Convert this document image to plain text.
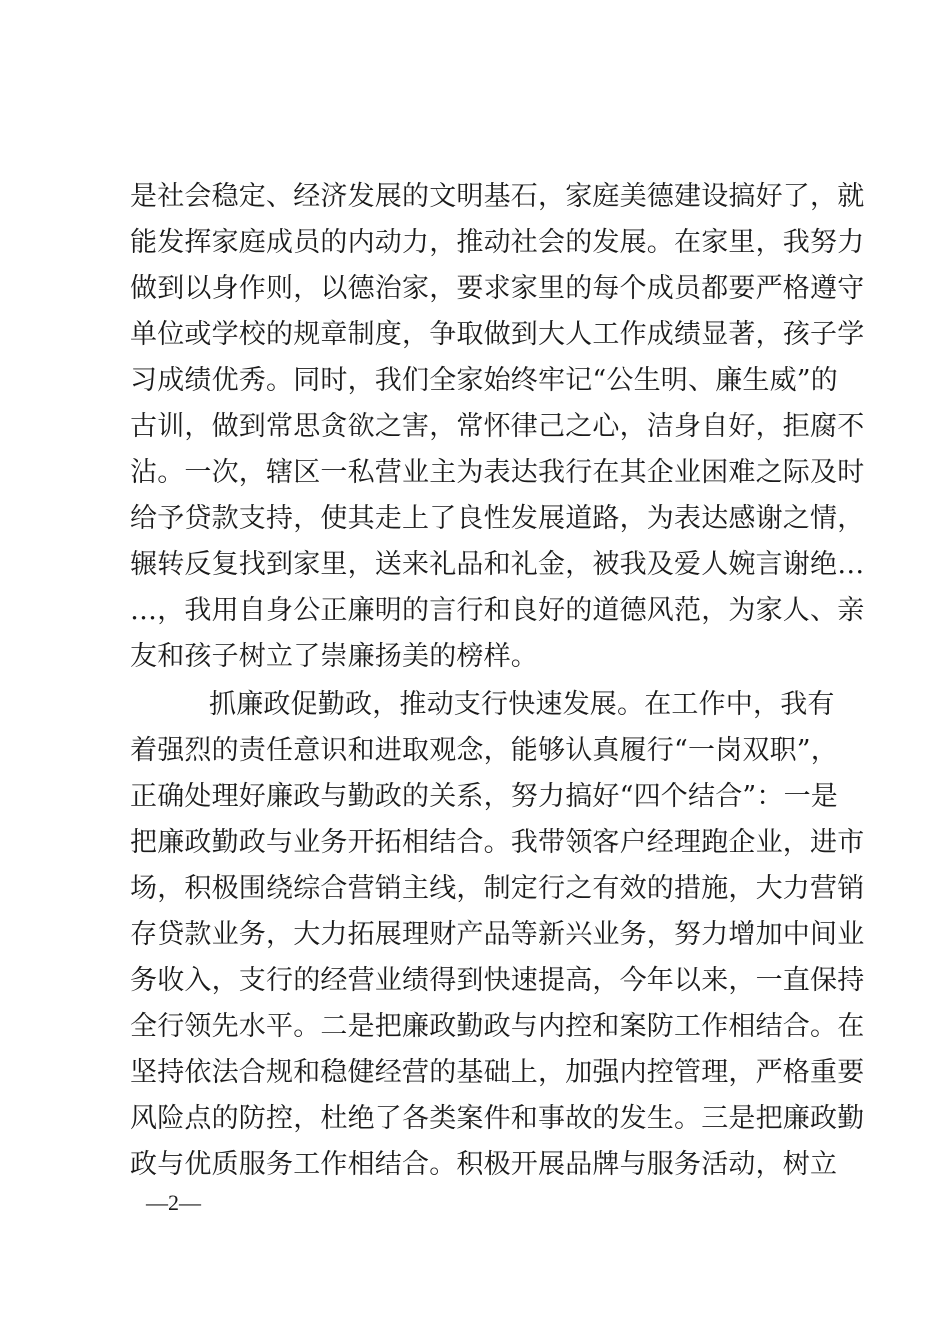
是社会稳定、经济发展的文明基石，家庭美德建设搞好了，就
能发挥家庭成员的内动力，推动社会的发展。在家里，我努力
做到以身作则，以德治家，要求家里的每个成员都要严格遵守
单位或学校的规章制度，争取做到大人工作成绩显著，孩子学
习成绩优秀。同时，我们全家始终牢记“公生明、廉生威”的
古训，做到常思贪欲之害，常怀律己之心，洁身自好，拒腐不
沾。一次，辖区一私营业主为表达我行在其企业困难之际及时
给予贷款支持，使其走上了良性发展道路，为表达感谢之情，
辗转反复找到家里，送来礼品和礼金，被我及爱人婉言谢绝…
…，我用自身公正廉明的言行和良好的道德风范，为家人、亲
友和孩子树立了崇廉扬美的榜样。
抓廉政促勤政，推动支行快速发展。在工作中，我有
着强烈的责任意识和进取观念，能够认真履行“一岗双职”，
正确处理好廉政与勤政的关系，努力搞好“四个结合”：一是
把廉政勤政与业务开拓相结合。我带领客户经理跑企业，进市
场，积极围绕综合营销主线，制定行之有效的措施，大力营销
存贷款业务，大力拓展理财产品等新兴业务，努力增加中间业
务收入，支行的经营业绩得到快速提高，今年以来，一直保持
全行领先水平。二是把廉政勤政与内控和案防工作相结合。在
坚持依法合规和稳健经营的基础上，加强内控管理，严格重要
风险点的防控，杜绝了各类案件和事故的发生。三是把廉政勤
政与优质服务工作相结合。积极开展品牌与服务活动，树立
—2—
